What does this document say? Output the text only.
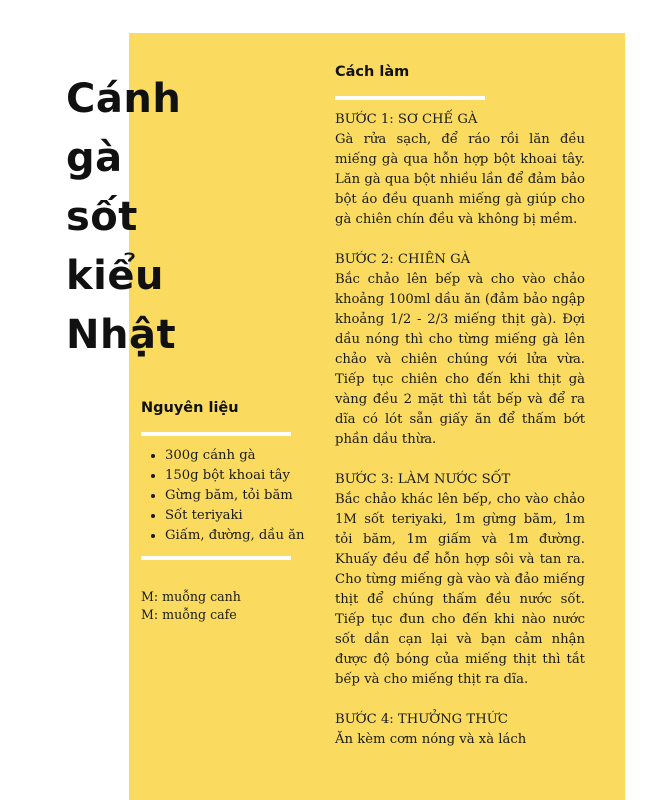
Cánh
gà
sốt
kiểu
Nhật
Nguyên liệu
• 300g cánh gà
• 150g bột khoai tây
• Gừng băm, tỏi băm
• Sốt teriyaki
• Giấm, đường, dầu ăn
M: muỗng canh
M: muỗng cafe
Cách làm
BƯỚC 1: SƠ CHẾ GÀ
Gà rửa sạch, để ráo rồi lăn đều miếng gà qua hỗn hợp bột khoai tây. Lăn gà qua bột nhiều lần để đảm bảo bột áo đều quanh miếng gà giúp cho gà chiên chín đều và không bị mềm.
BƯỚC 2: CHIÊN GÀ
Bắc chảo lên bếp và cho vào chảo khoảng 100ml dầu ăn (đảm bảo ngập khoảng 1/2 - 2/3 miếng thịt gà). Đợi dầu nóng thì cho từng miếng gà lên chảo và chiên chúng với lửa vừa. Tiếp tục chiên cho đến khi thịt gà vàng đều 2 mặt thì tắt bếp và để ra dĩa có lót sẵn giấy ăn để thấm bớt phần dầu thừa.
BƯỚC 3: LÀM NƯỚC SỐT
Bắc chảo khác lên bếp, cho vào chảo 1M sốt teriyaki, 1m gừng băm, 1m tỏi băm, 1m giấm và 1m đường. Khuấy đều để hỗn hợp sôi và tan ra. Cho từng miếng gà vào và đảo miếng thịt để chúng thấm đều nước sốt. Tiếp tục đun cho đến khi nào nước sốt dần cạn lại và bạn cảm nhận được độ bóng của miếng thịt thì tắt bếp và cho miếng thịt ra dĩa.
BƯỚC 4: THƯỞNG THỨC
Ăn kèm cơm nóng và xà lách
